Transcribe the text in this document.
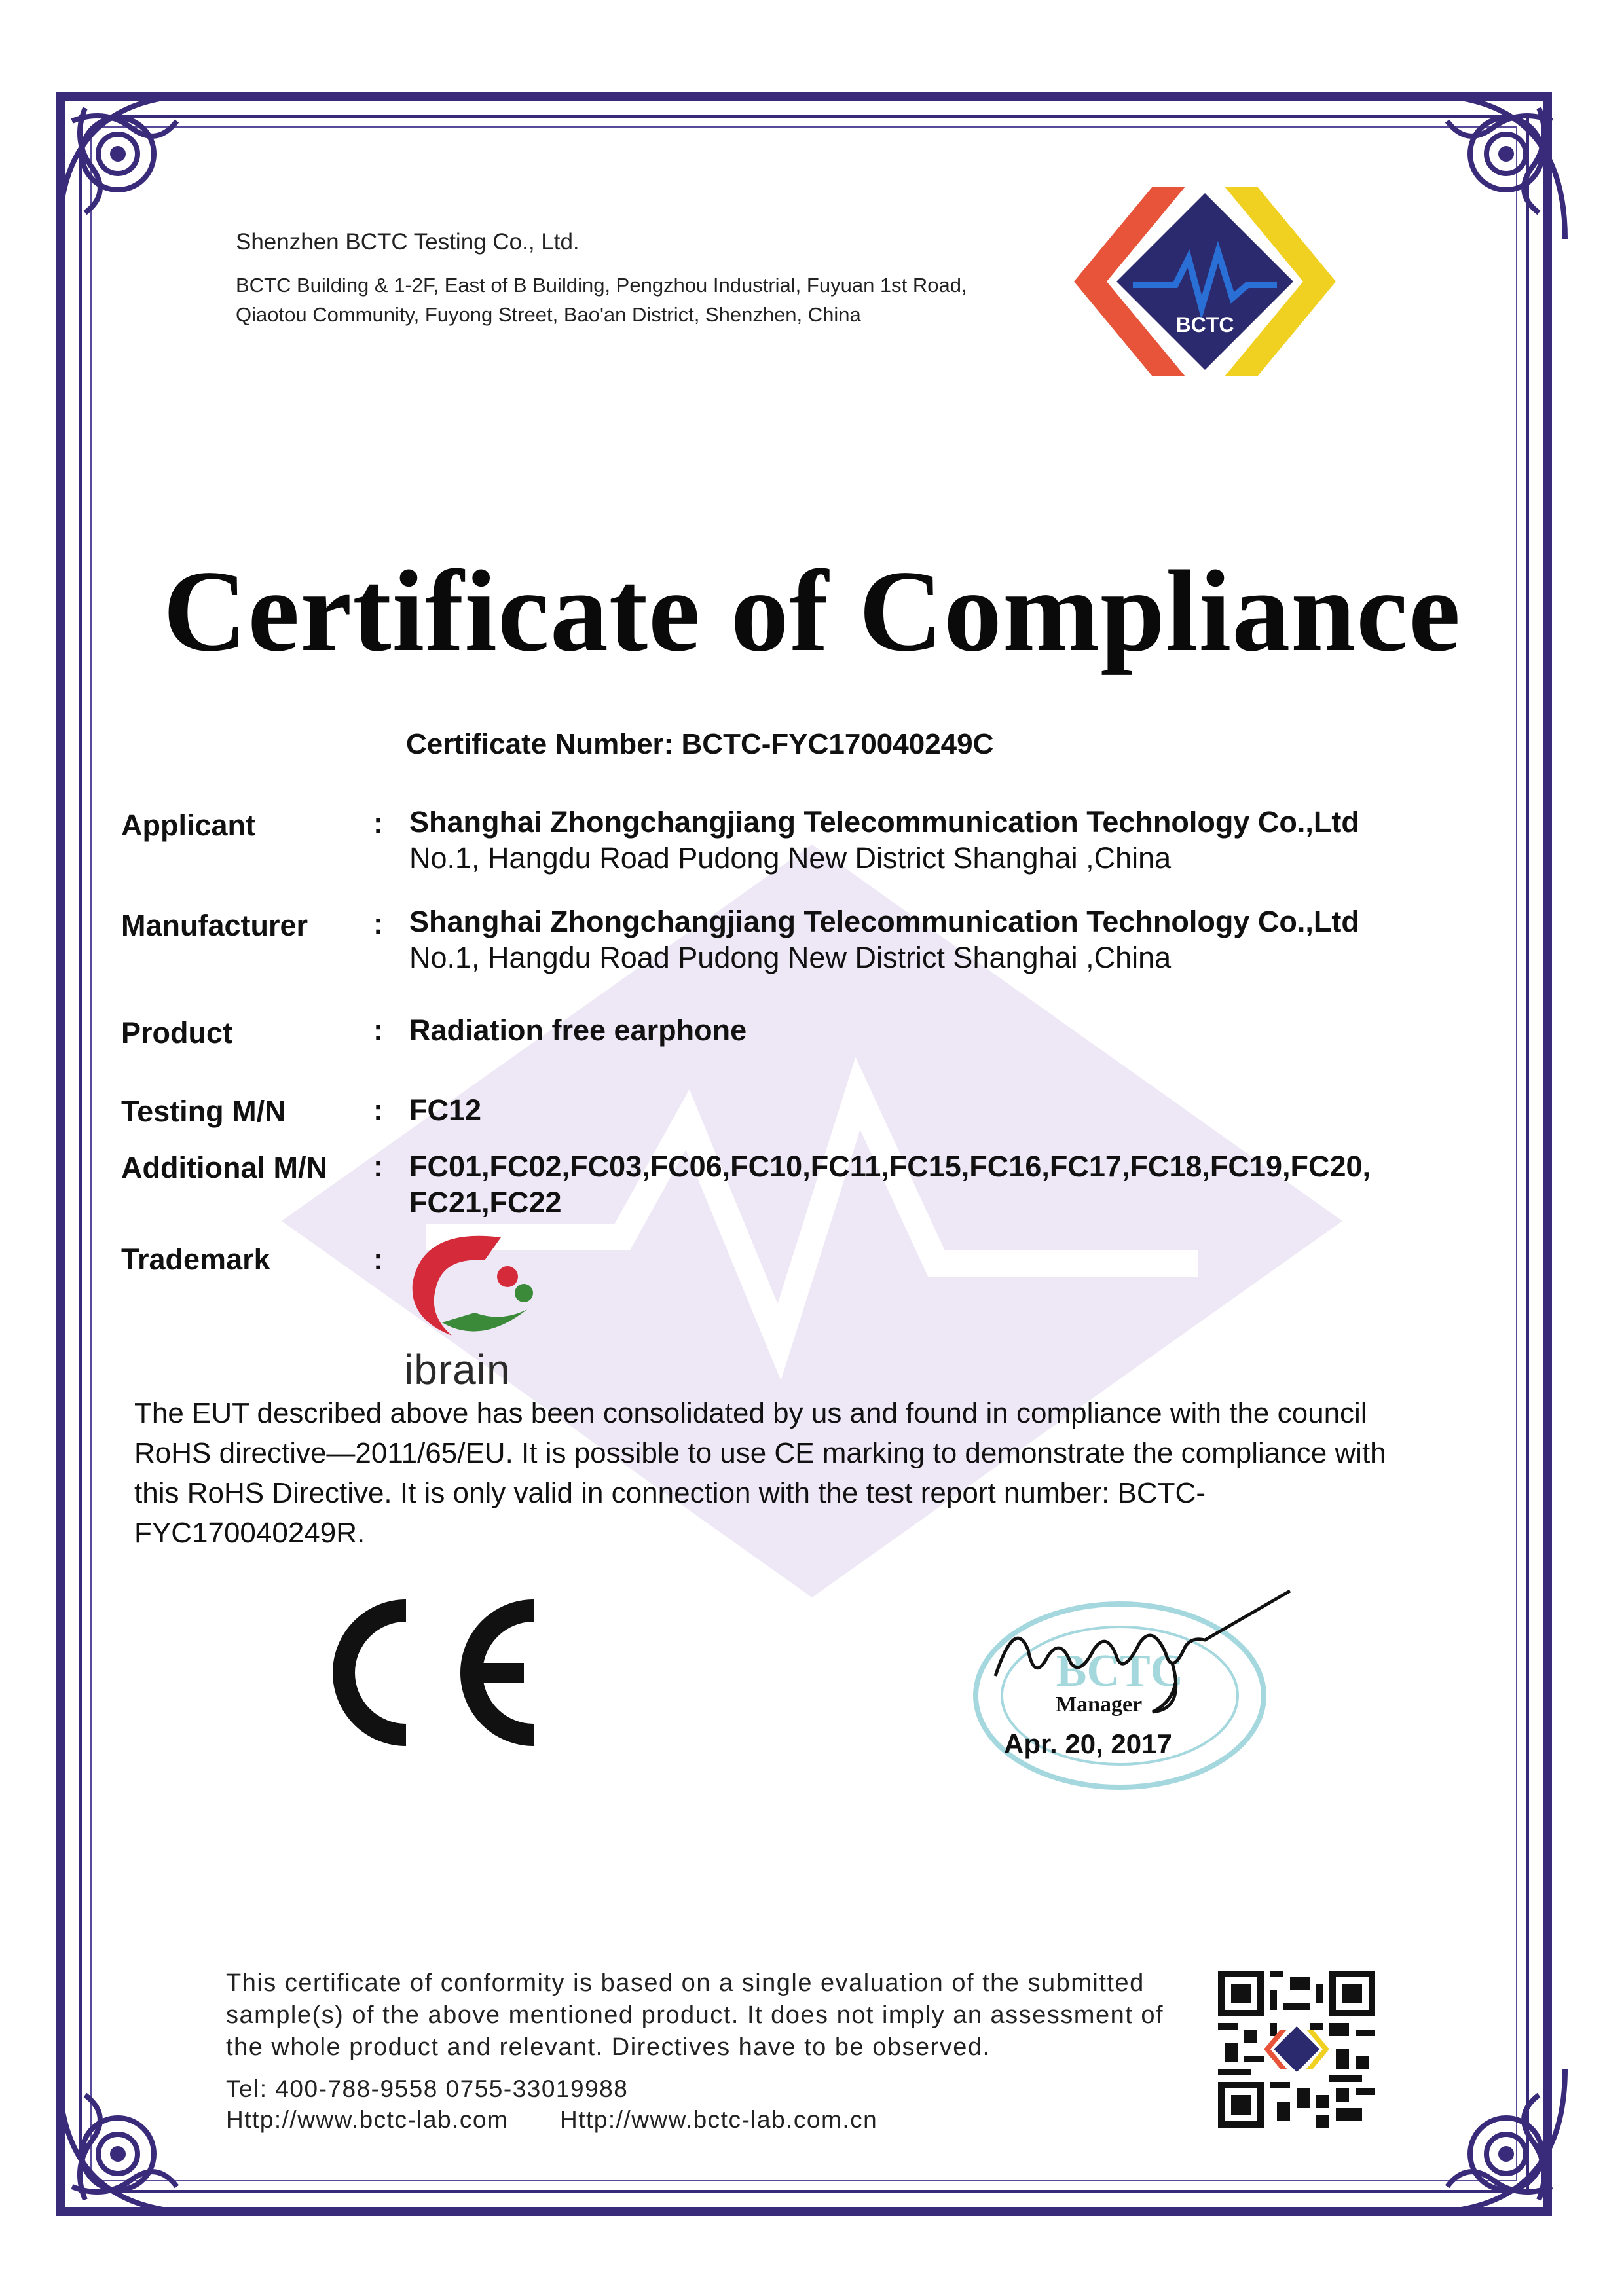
Shenzhen BCTC Testing Co., Ltd.
BCTC Building & 1-2F, East of B Building, Pengzhou Industrial, Fuyuan 1st Road,
Qiaotou Community, Fuyong Street, Bao'an District, Shenzhen, China	BCTC
Certificate of Compliance
Certificate Number: BCTC-FYC170040249C
Applicant	: Shanghai Zhongchangjiang Telecommunication Technology Co.,Ltd
No.1, Hangdu Road Pudong New District Shanghai ,China
Manufacturer : Shanghai Zhongchangjiang Telecommunication Technology Co.,Ltd
No.1, Hangdu Road Pudong New District Shanghai ,China
Product	: Radiation free earphone
Testing M/N	: FC12
Additional M/N : FC01,FC02,FC03,FC06,FC10,FC11,FC15,FC16,FC17,FC18,FC19,FC20,
FC21,FC22
Trademark	:
ibrain
The EUT described above has been consolidated by us and found in compliance with the council RoHS directive—2011/65/EU. It is possible to use CE marking to demonstrate the compliance with this RoHS Directive. It is only valid in connection with the test report number: BCTC-FYC170040249R.
BCTC
Manager
Apr. 20, 2017
This certificate of conformity is based on a single evaluation of the submitted sample(s) of the above mentioned product. It does not imply an assessment of the whole product and relevant. Directives have to be observed.
Tel: 400-788-9558 0755-33019988
Http://www.bctc-lab.com Http://www.bctc-lab.com.cn
